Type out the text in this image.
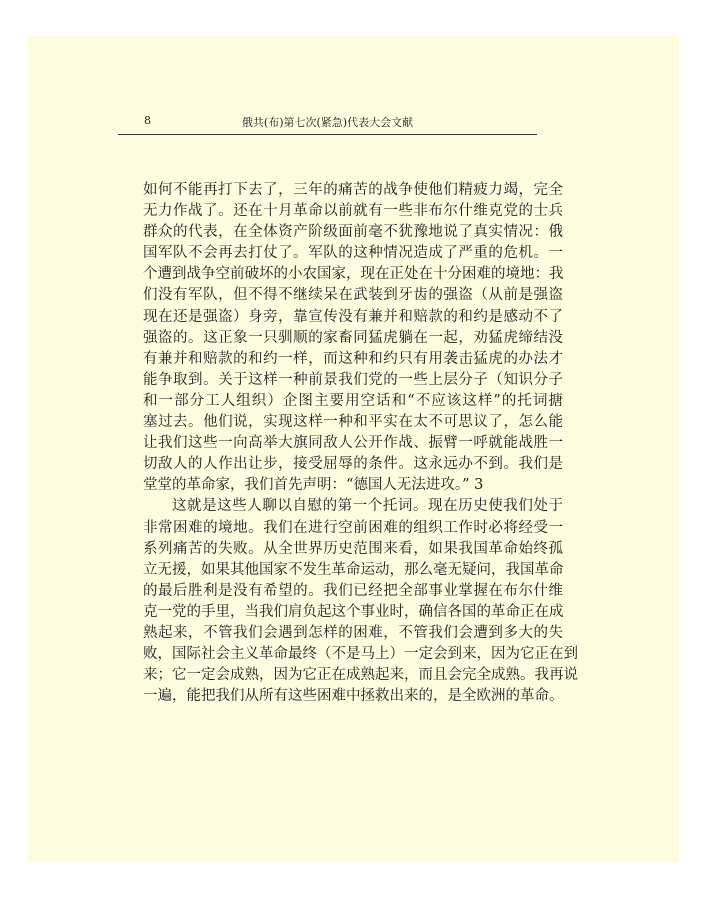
8	俄共(布)第七次(紧急)代表大会文献
如何不能再打下去了，三年的痛苦的战争使他们精疲力竭，完全
无力作战了。还在十月革命以前就有一些非布尔什维克党的士兵
群众的代表，在全体资产阶级面前毫不犹豫地说了真实情况：俄
国军队不会再去打仗了。军队的这种情况造成了严重的危机。一
个遭到战争空前破坏的小农国家，现在正处在十分困难的境地：我
们没有军队，但不得不继续呆在武装到牙齿的强盗（从前是强盗
现在还是强盗）身旁，靠宣传没有兼并和赔款的和约是感动不了
强盗的。这正象一只驯顺的家畜同猛虎躺在一起，劝猛虎缔结没
有兼并和赔款的和约一样，而这种和约只有用袭击猛虎的办法才
能争取到。关于这样一种前景我们党的一些上层分子（知识分子
和一部分工人组织）企图主要用空话和“不应该这样”的托词搪
塞过去。他们说，实现这样一种和平实在太不可思议了，怎么能
让我们这些一向高举大旗同敌人公开作战、振臂一呼就能战胜一
切敌人的人作出让步，接受屈辱的条件。这永远办不到。我们是
堂堂的革命家，我们首先声明：“德国人无法进攻。” 3
这就是这些人聊以自慰的第一个托词。现在历史使我们处于
非常困难的境地。我们在进行空前困难的组织工作时必将经受一
系列痛苦的失败。从全世界历史范围来看，如果我国革命始终孤
立无援，如果其他国家不发生革命运动，那么毫无疑问，我国革命
的最后胜利是没有希望的。我们已经把全部事业掌握在布尔什维
克一党的手里，当我们肩负起这个事业时，确信各国的革命正在成
熟起来，不管我们会遇到怎样的困难，不管我们会遭到多大的失
败，国际社会主义革命最终（不是马上）一定会到来，因为它正在到
来；它一定会成熟，因为它正在成熟起来，而且会完全成熟。我再说
一遍，能把我们从所有这些困难中拯救出来的，是全欧洲的革命。
